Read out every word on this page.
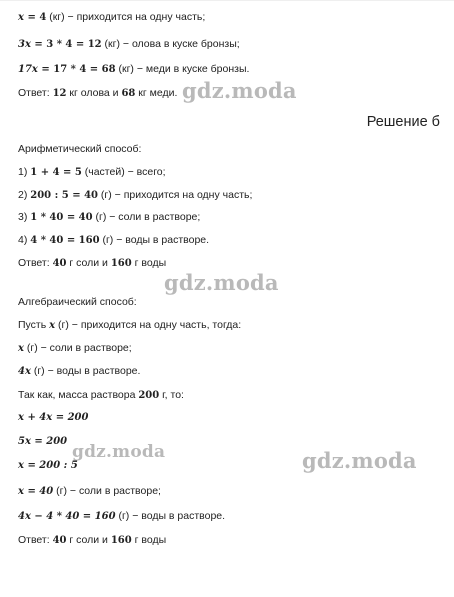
x = 4 (кг) − приходится на одну часть;
3x = 3 * 4 = 12 (кг) − олова в куске бронзы;
17x = 17 * 4 = 68 (кг) − меди в куске бронзы.
Ответ: 12 кг олова и 68 кг меди.
Решение б
Арифметический способ:
1) 1 + 4 = 5 (частей) − всего;
2) 200 : 5 = 40 (г) − приходится на одну часть;
3) 1 * 40 = 40 (г) − соли в растворе;
4) 4 * 40 = 160 (г) − воды в растворе.
Ответ: 40 г соли и 160 г воды
Алгебраический способ:
Пусть x (г) − приходится на одну часть, тогда:
x (г) − соли в растворе;
4x (г) − воды в растворе.
Так как, масса раствора 200 г, то:
x + 4x = 200
5x = 200
x = 200 : 5
x = 40 (г) − соли в растворе;
4x − 4 * 40 = 160 (г) − воды в растворе.
Ответ: 40 г соли и 160 г воды
gdz.moda
gdz.moda
gdz.moda	gdz.moda
